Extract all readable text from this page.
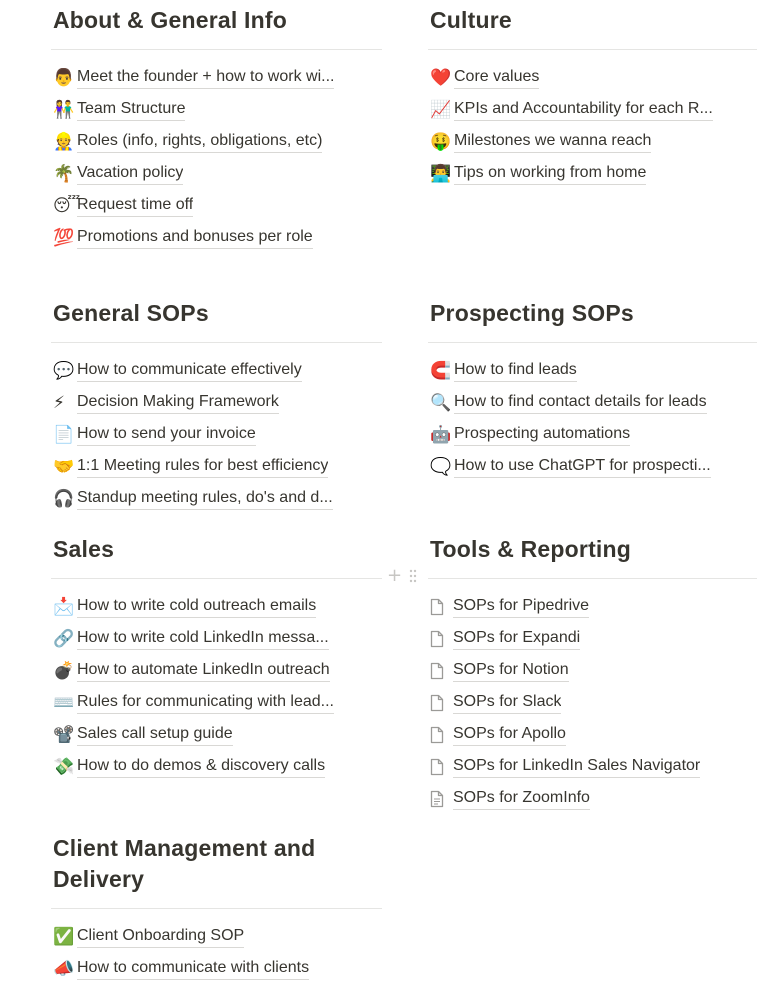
About & General Info
👨 Meet the founder + how to work wi...
👫 Team Structure
👷 Roles (info, rights, obligations, etc)
🌴 Vacation policy
😴
Request time off
💯 Promotions and bonuses per role
Culture
❤️ Core values
📈 KPIs and Accountability for each R...
🤑 Milestones we wanna reach
👨‍💻 Tips on working from home
General SOPs
💬 How to communicate effectively
⚡ Decision Making Framework
📄 How to send your invoice
🤝 1:1 Meeting rules for best efficiency
🎧 Standup meeting rules, do's and d...
Prospecting SOPs
🧲 How to find leads
🔍 How to find contact details for leads
🤖 Prospecting automations
🗨️ How to use ChatGPT for prospecti...
Sales
📩 How to write cold outreach emails
🔗 How to write cold LinkedIn messa...
💣 How to automate LinkedIn outreach
⌨️ Rules for communicating with lead...
📽️ Sales call setup guide
💸 How to do demos & discovery calls
+
Tools & Reporting
SOPs for Pipedrive
SOPs for Expandi
SOPs for Notion
SOPs for Slack
SOPs for Apollo
SOPs for LinkedIn Sales Navigator
SOPs for ZoomInfo
Client Management and Delivery
✅ Client Onboarding SOP
📣 How to communicate with clients
